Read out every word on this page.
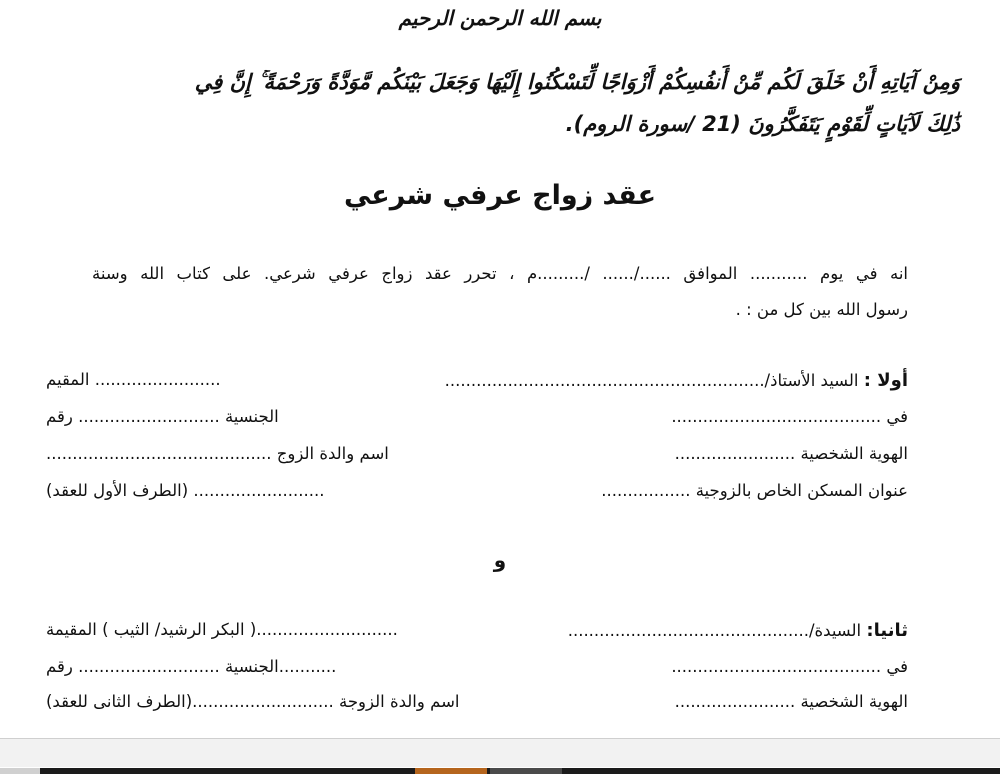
بسم الله الرحمن الرحيم
وَمِنْ آيَاتِهِ أَنْ خَلَقَ لَكُم مِّنْ أَنفُسِكُمْ أَزْوَاجًا لِّتَسْكُنُوا إِلَيْهَا وَجَعَلَ بَيْنَكُم مَّوَدَّةً وَرَحْمَةً ۚ إِنَّ فِي
ذَٰلِكَ لَآيَاتٍ لِّقَوْمٍ يَتَفَكَّرُونَ (21 /سورة الروم).
عقد زواج عرفي شرعي
انه في يوم ........... الموافق ....../...... /.........م ، تحرر عقد زواج عرفي شرعي. على كتاب الله وسنة
رسول الله بين كل من : .
أولا : السيد الأستاذ/.............................................................
........................ المقيم
في ........................................
الجنسية ........................... رقم
الهوية الشخصية .......................
اسم والدة الزوج ...........................................
عنوان المسكن الخاص بالزوجية .................
......................... (الطرف الأول للعقد)
و
ثانيا: السيدة/..............................................
...........................( البكر الرشيد/ الثيب ) المقيمة
في ........................................
...........الجنسية ........................... رقم
الهوية الشخصية .......................
اسم والدة الزوجة ...........................(الطرف الثانى للعقد)
